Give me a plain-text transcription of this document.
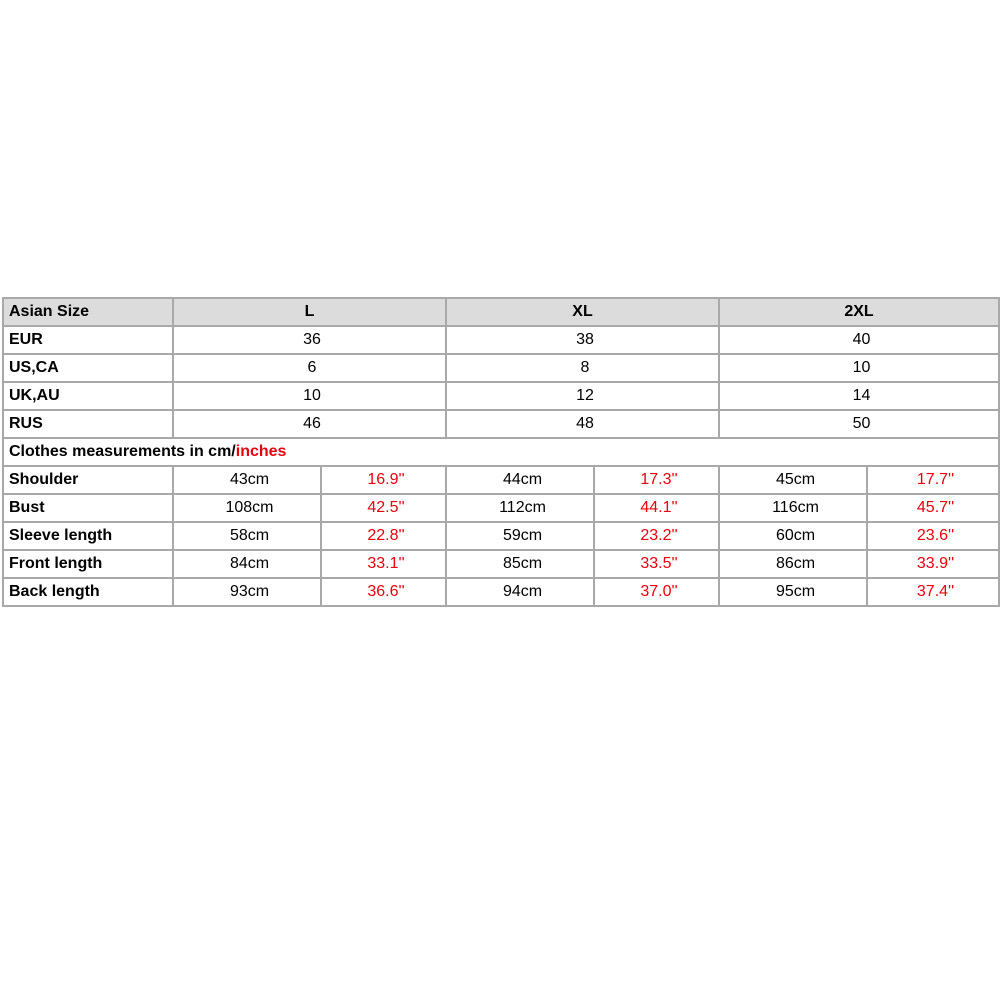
Asian Size	L		XL		2XL	
EUR	36		38		40	
US,CA	6		8		10	
UK,AU	10		12		14	
RUS	46		48		50	
Clothes measurements in cm/inches						
Shoulder	43cm	16.9''	44cm	17.3''	45cm	17.7''
Bust	108cm	42.5''	112cm	44.1''	116cm	45.7''
Sleeve length	58cm	22.8''	59cm	23.2''	60cm	23.6''
Front length	84cm	33.1''	85cm	33.5''	86cm	33.9''
Back length	93cm	36.6''	94cm	37.0''	95cm	37.4''
